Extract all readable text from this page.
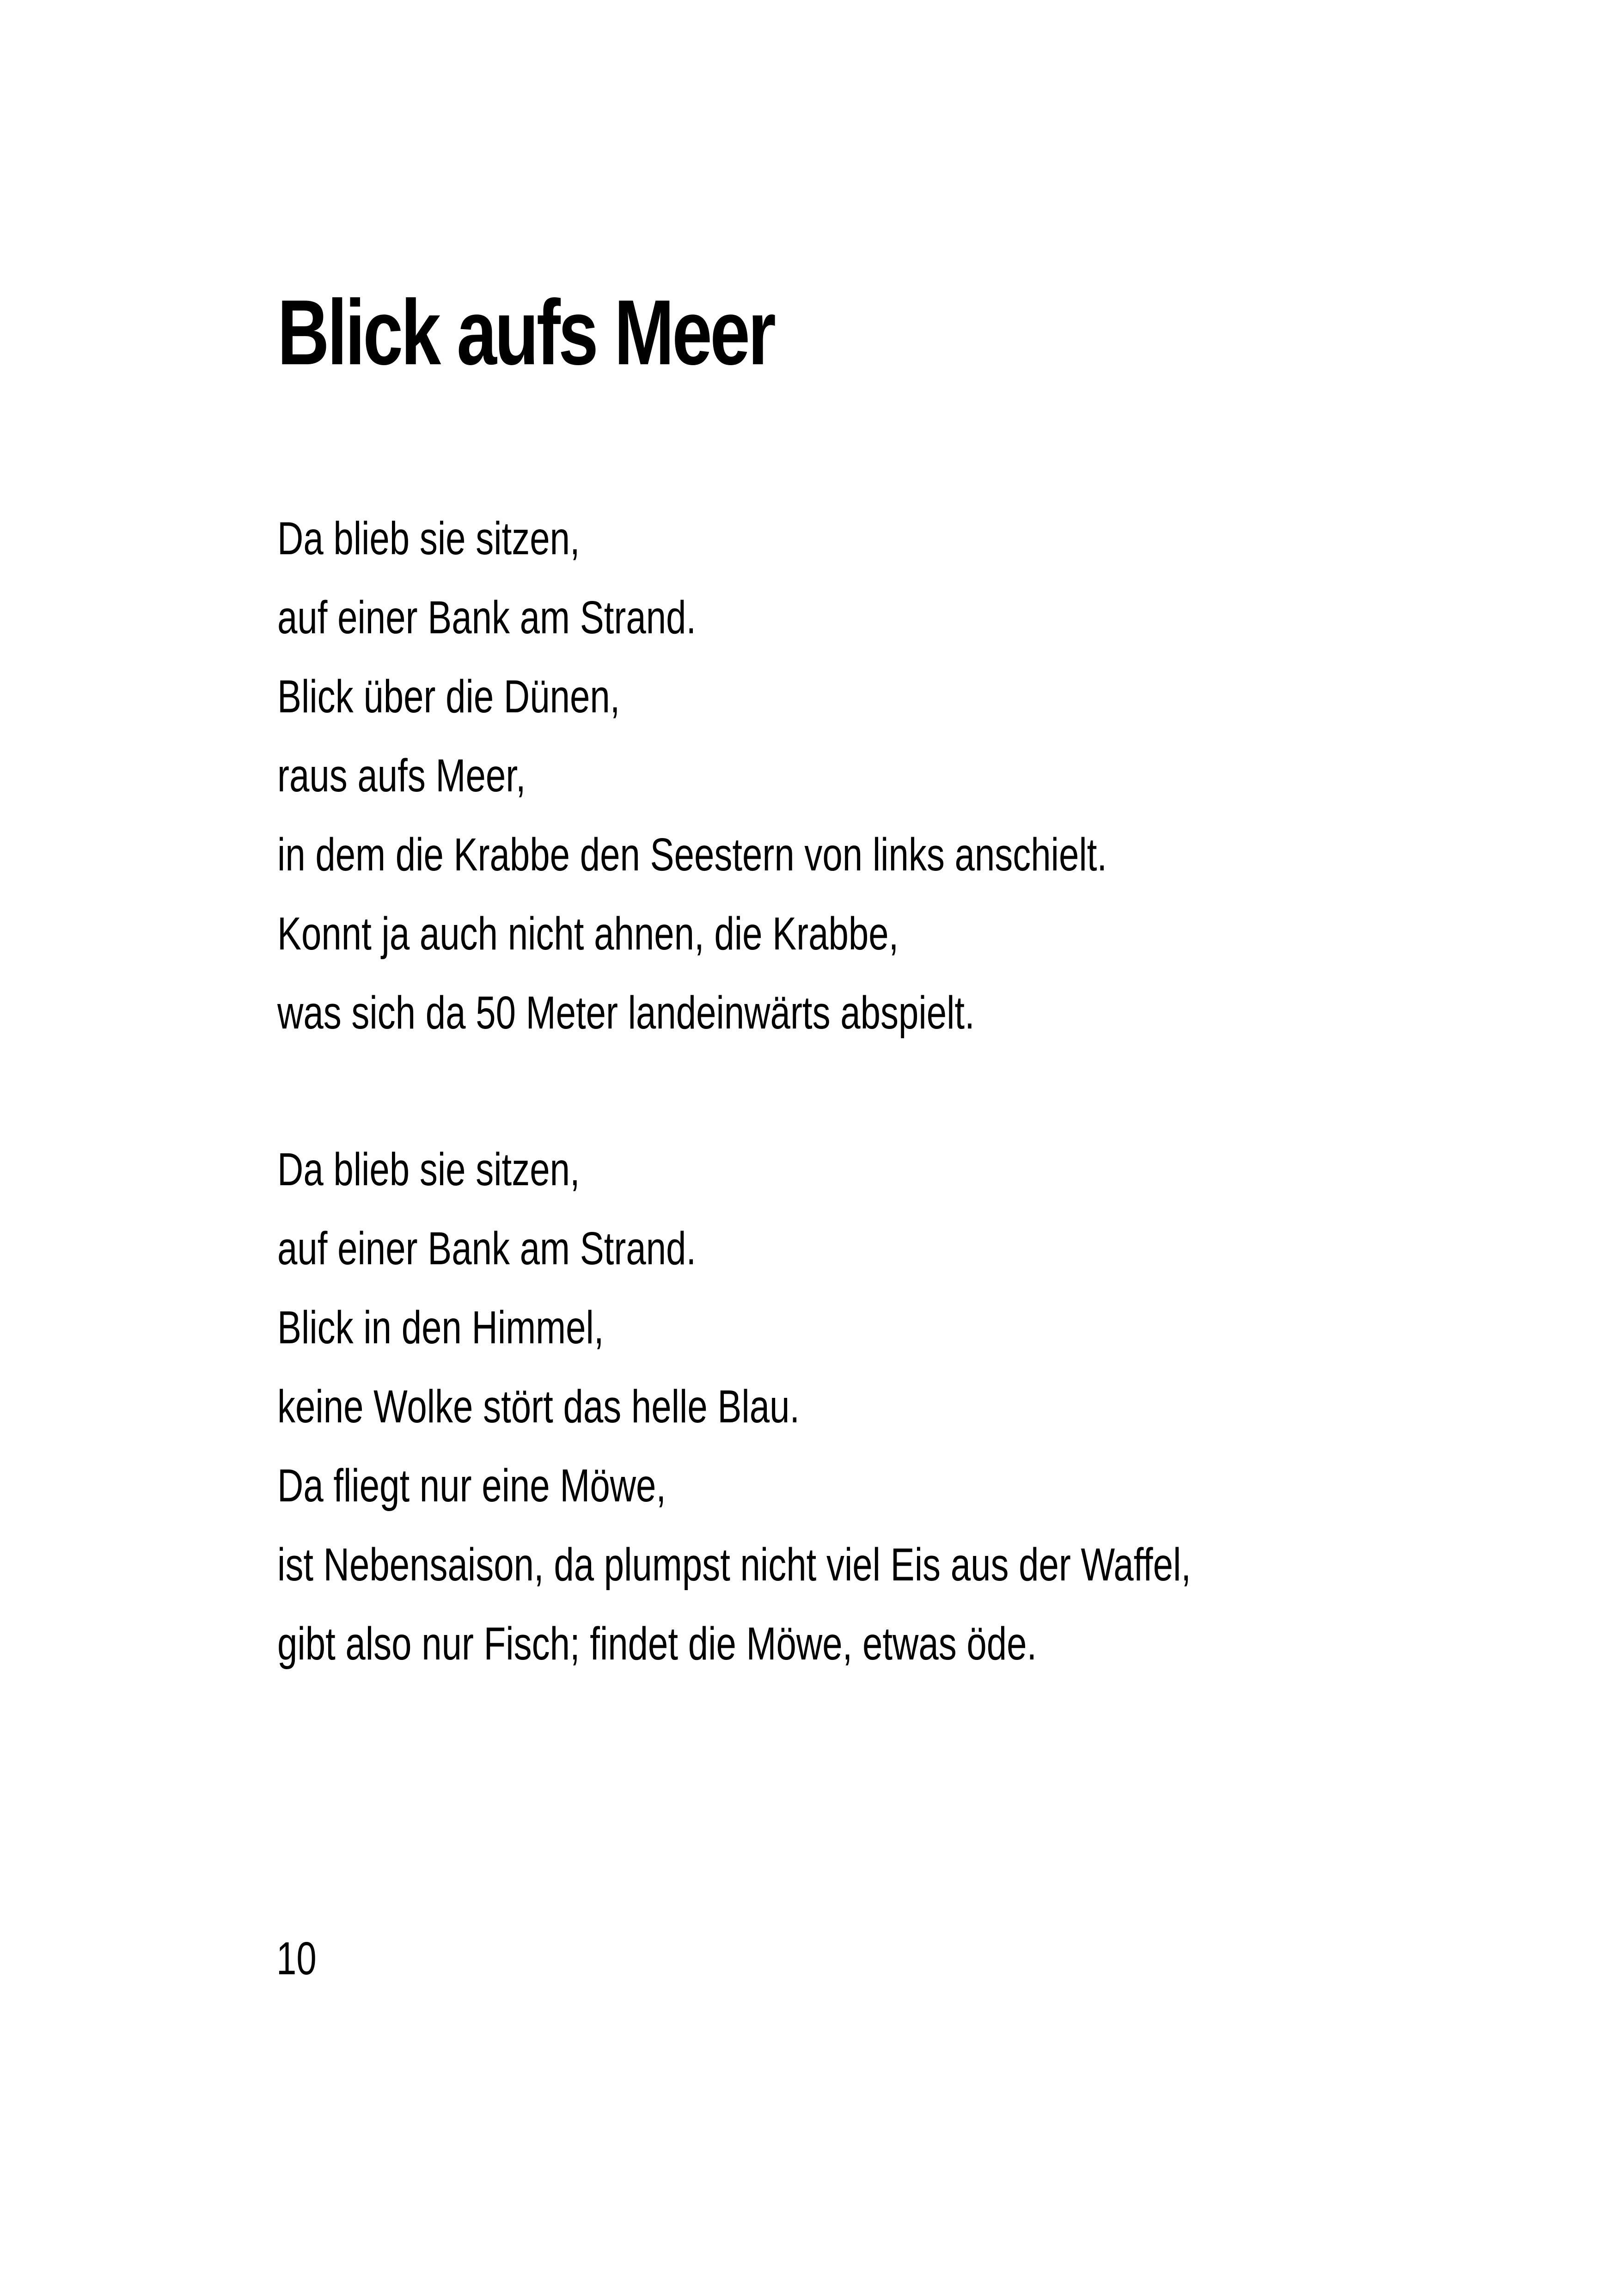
Blick aufs Meer
Da blieb sie sitzen,
auf einer Bank am Strand.
Blick über die Dünen,
raus aufs Meer,
in dem die Krabbe den Seestern von links anschielt.
Konnt ja auch nicht ahnen, die Krabbe,
was sich da 50 Meter landeinwärts abspielt.
Da blieb sie sitzen,
auf einer Bank am Strand.
Blick in den Himmel,
keine Wolke stört das helle Blau.
Da fliegt nur eine Möwe,
ist Nebensaison, da plumpst nicht viel Eis aus der Waffel,
gibt also nur Fisch; findet die Möwe, etwas öde.
10
